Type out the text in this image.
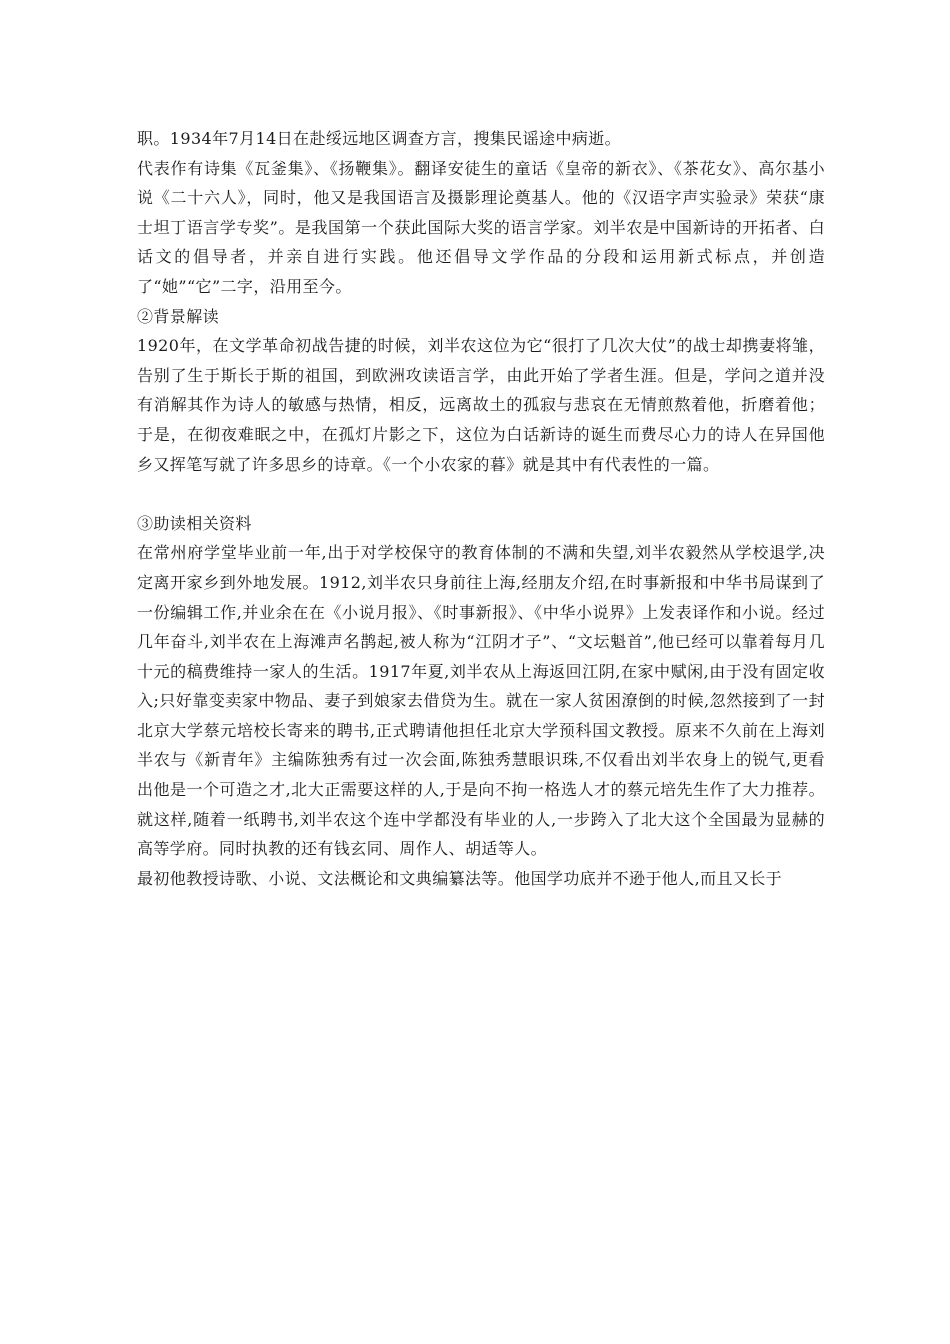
职。1934年7月14日在赴绥远地区调查方言，搜集民谣途中病逝。

代表作有诗集《瓦釜集》、《扬鞭集》。翻译安徒生的童话《皇帝的新衣》、《茶花女》、高尔基小说《二十六人》，同时，他又是我国语言及摄影理论奠基人。他的《汉语字声实验录》荣获“康士坦丁语言学专奖”。是我国第一个获此国际大奖的语言学家。刘半农是中国新诗的开拓者、白话文的倡导者，并亲自进行实践。他还倡导文学作品的分段和运用新式标点，并创造了“她”“它”二字，沿用至今。

②背景解读

1920年，在文学革命初战告捷的时候，刘半农这位为它“很打了几次大仗”的战士却携妻将雏，告别了生于斯长于斯的祖国，到欧洲攻读语言学，由此开始了学者生涯。但是，学问之道并没有消解其作为诗人的敏感与热情，相反，远离故土的孤寂与悲哀在无情煎熬着他，折磨着他；于是，在彻夜难眠之中，在孤灯片影之下，这位为白话新诗的诞生而费尽心力的诗人在异国他乡又挥笔写就了许多思乡的诗章。《一个小农家的暮》就是其中有代表性的一篇。

③助读相关资料

在常州府学堂毕业前一年,出于对学校保守的教育体制的不满和失望,刘半农毅然从学校退学,决定离开家乡到外地发展。1912,刘半农只身前往上海,经朋友介绍,在时事新报和中华书局谋到了一份编辑工作,并业余在在《小说月报》、《时事新报》、《中华小说界》上发表译作和小说。经过几年奋斗,刘半农在上海滩声名鹊起,被人称为“江阴才子”、“文坛魁首”,他已经可以靠着每月几十元的稿费维持一家人的生活。1917年夏,刘半农从上海返回江阴,在家中赋闲,由于没有固定收入;只好靠变卖家中物品、妻子到娘家去借贷为生。就在一家人贫困潦倒的时候,忽然接到了一封北京大学蔡元培校长寄来的聘书,正式聘请他担任北京大学预科国文教授。原来不久前在上海刘半农与《新青年》主编陈独秀有过一次会面,陈独秀慧眼识珠,不仅看出刘半农身上的锐气,更看出他是一个可造之才,北大正需要这样的人,于是向不拘一格选人才的蔡元培先生作了大力推荐。就这样,随着一纸聘书,刘半农这个连中学都没有毕业的人,一步跨入了北大这个全国最为显赫的高等学府。同时执教的还有钱玄同、周作人、胡适等人。

最初他教授诗歌、小说、文法概论和文典编纂法等。他国学功底并不逊于他人,而且又长于
